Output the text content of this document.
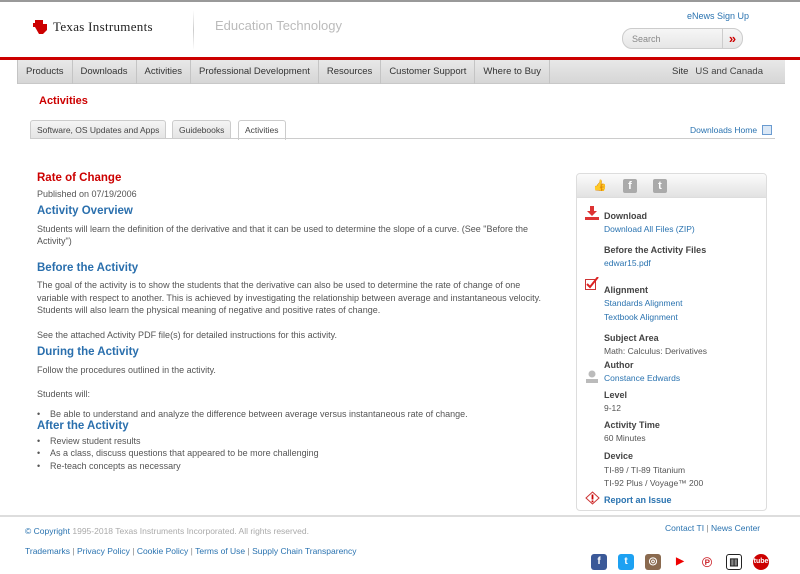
Texas Instruments	Education Technology
eNews Sign Up
Search	»
Products	Downloads	Activities	Professional Development	Resources	Customer Support	Where to Buy	Site US and Canada
Activities
Software, OS Updates and Apps	Guidebooks	Activities	Downloads Home
Rate of Change

Published on 07/19/2006

Activity Overview

Students will learn the definition of the derivative and that it can be used to determine the slope of a curve. (See "Before the Activity")

Before the Activity

The goal of the activity is to show the students that the derivative can also be used to determine the rate of change of one variable with respect to another. This is achieved by investigating the relationship between average and instantaneous velocity. Students will also learn the physical meaning of negative and positive rates of change.

See the attached Activity PDF file(s) for detailed instructions for this activity.

During the Activity

Follow the procedures outlined in the activity.

Students will:

• Be able to understand and analyze the difference between average versus instantaneous rate of change.
After the Activity
• Review student results
• As a class, discuss questions that appeared to be more challenging
• Re-teach concepts as necessary
👍	f	t
Download
Download All Files (ZIP)
Before the Activity Files
edwar15.pdf
Alignment
Standards Alignment
Textbook Alignment
Subject Area
Math: Calculus: Derivatives
Author
Constance Edwards
Level
9-12
Activity Time
60 Minutes
Device
TI-89 / TI-89 Titanium
TI-92 Plus / Voyage™ 200
Report an Issue
© Copyright 1995-2018 Texas Instruments Incorporated. All rights reserved.
Trademarks | Privacy Policy | Cookie Policy | Terms of Use | Supply Chain Transparency
Contact TI | News Center
f	t	◎	▶ ℗	▥	tube
